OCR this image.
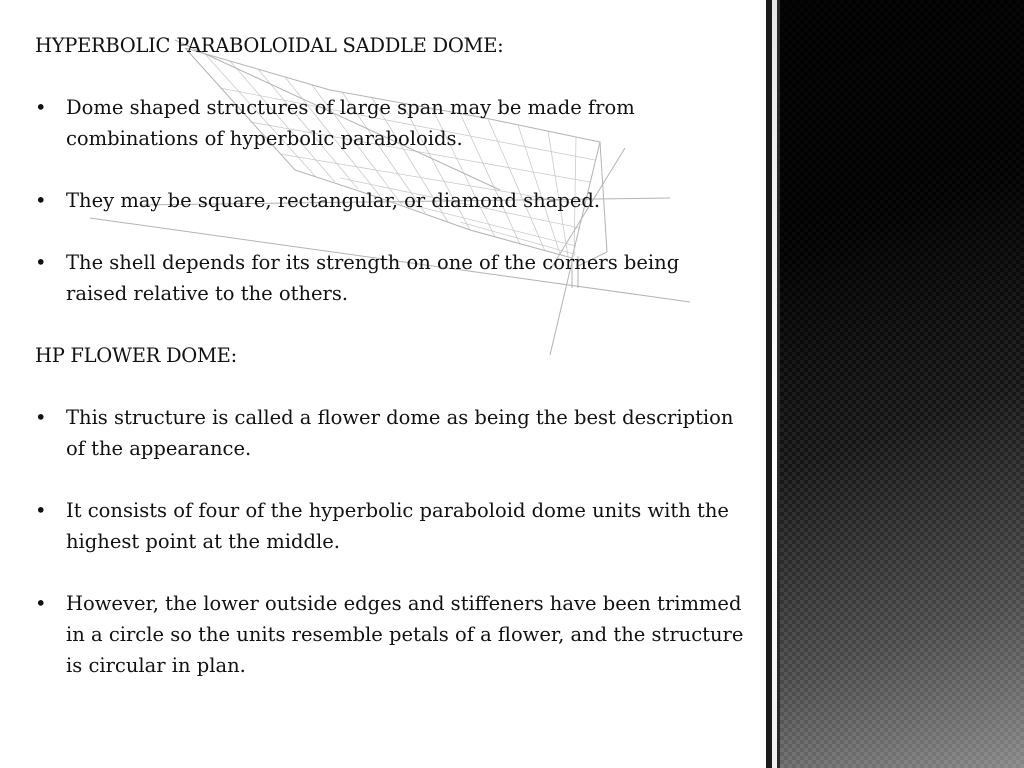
HYPERBOLIC PARABOLOIDAL SADDLE DOME:
• Dome shaped structures of large span may be made from combinations of hyperbolic paraboloids.
• They may be square, rectangular, or diamond shaped.
• The shell depends for its strength on one of the corners being raised relative to the others.
HP FLOWER DOME:
• This structure is called a flower dome as being the best description of the appearance.
• It consists of four of the hyperbolic paraboloid dome units with the highest point at the middle.
• However, the lower outside edges and stiffeners have been trimmed in a circle so the units resemble petals of a flower, and the structure is circular in plan.
